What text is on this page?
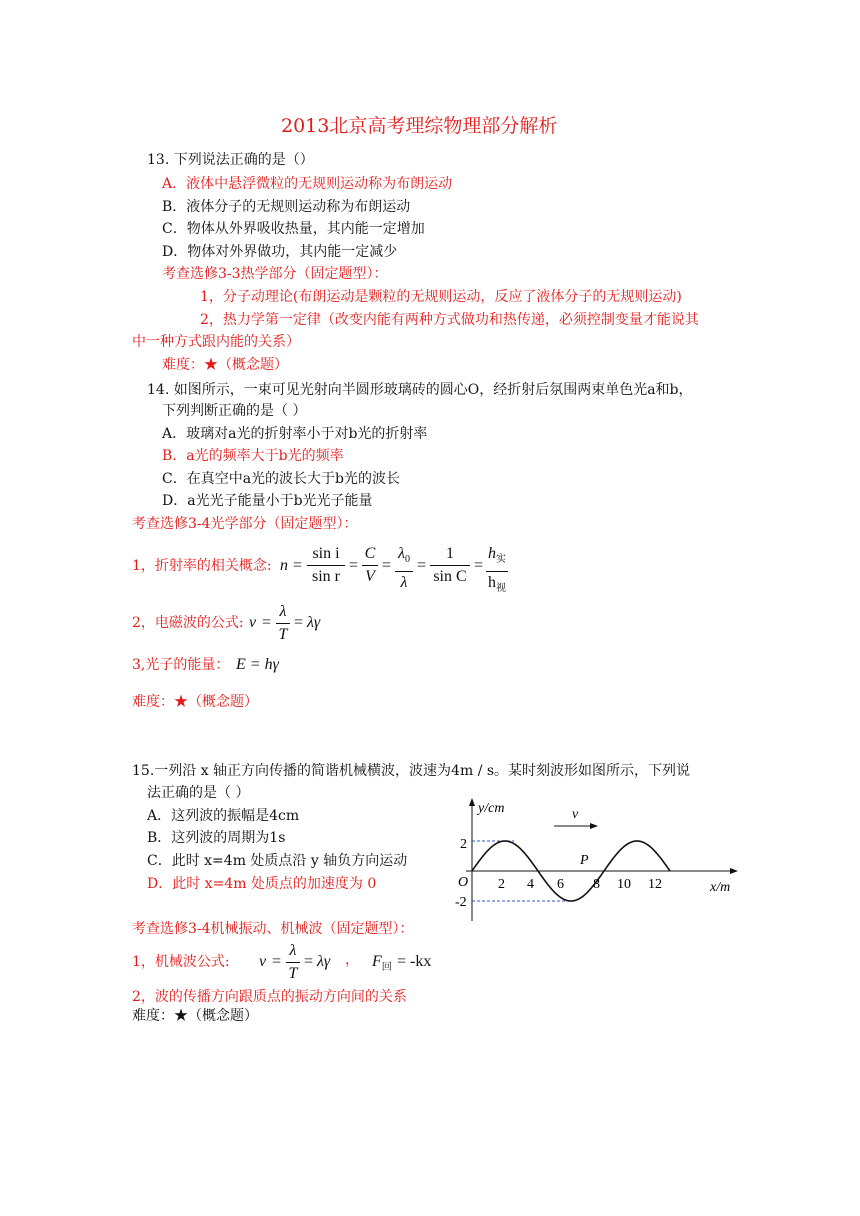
2013北京高考理综物理部分解析
13. 下列说法正确的是（）
A．液体中悬浮微粒的无规则运动称为布朗运动
B．液体分子的无规则运动称为布朗运动
C．物体从外界吸收热量，其内能一定增加
D．物体对外界做功，其内能一定减少
考查选修3-3热学部分（固定题型）：
1，分子动理论(布朗运动是颗粒的无规则运动，反应了液体分子的无规则运动)
2，热力学第一定律（改变内能有两种方式做功和热传递，必须控制变量才能说其
中一种方式跟内能的关系）
难度：★（概念题）
14. 如图所示，一束可见光射向半圆形玻璃砖的圆心O，经折射后氛围两束单色光a和b，
下列判断正确的是（ ）
A．玻璃对a光的折射率小于对b光的折射率
B．a光的频率大于b光的频率
C．在真空中a光的波长大于b光的波长
D．a光光子能量小于b光光子能量
考查选修3-4光学部分（固定题型）：
1，折射率的相关概念: n =
sin i
sin r
=
C
V
=
$\lambda_0$
λ
=
1
sin C
=
$h_实$
$h_视$
2，电磁波的公式: v =
λ
T
= λγ
3,光子的能量： E = hγ
难度：★（概念题）
15.一列沿 x 轴正方向传播的简谐机械横波，波速为4m / s。某时刻波形如图所示，下列说
法正确的是（ ）
A．这列波的振幅是4cm
B．这列波的周期为1s
C．此时 x=4m 处质点沿 y 轴负方向运动
D．此时 x=4m 处质点的加速度为 0
v
y/cm
x/m
O
P
2
-2
2 4 6 8 10 12
考查选修3-4机械振动、机械波（固定题型）：
1，机械波公式: v =
λ
T
= λγ ， $F_回 = -kx$
2，波的传播方向跟质点的振动方向间的关系
难度：★（概念题）
